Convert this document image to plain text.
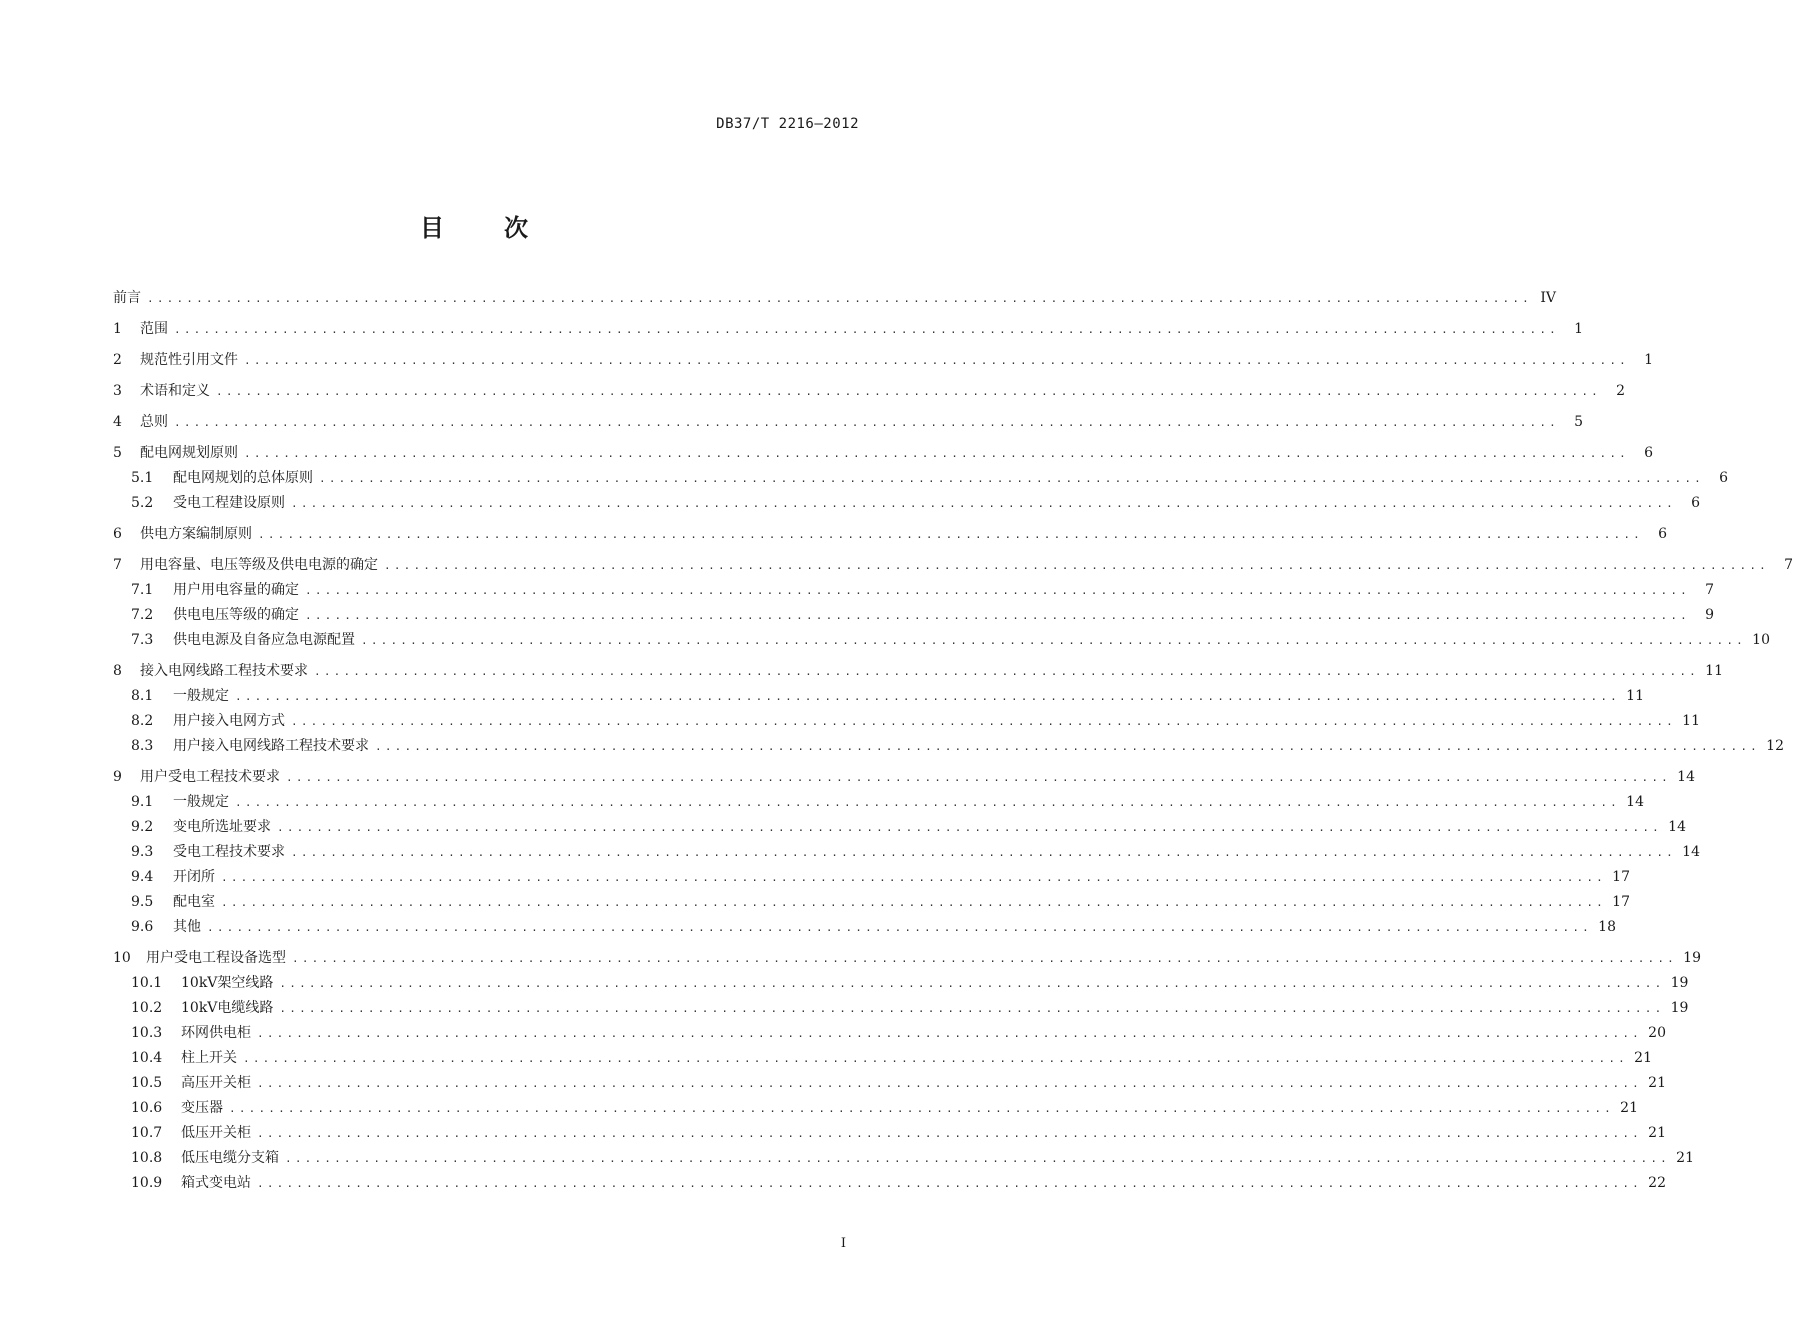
DB37/T 2216—2012
目 次
前言 ............................................................................................................................................. IV
1	范围 .............................................................................................................................................	1
2	规范性引用文件 .............................................................................................................................................	1
3	术语和定义 .............................................................................................................................................	2
4	总则 .............................................................................................................................................	5
5	配电网规划原则 .............................................................................................................................................	6
5.1	配电网规划的总体原则 .............................................................................................................................................	6
5.2	受电工程建设原则 .............................................................................................................................................	6
6	供电方案编制原则 .............................................................................................................................................	6
7	用电容量、电压等级及供电电源的确定 .............................................................................................................................................	7
7.1	用户用电容量的确定 .............................................................................................................................................	7
7.2	供电电压等级的确定 .............................................................................................................................................	9
7.3	供电电源及自备应急电源配置 ............................................................................................................................................. 10
8	接入电网线路工程技术要求 ............................................................................................................................................. 11
8.1	一般规定 ............................................................................................................................................. 11
8.2	用户接入电网方式 ............................................................................................................................................. 11
8.3	用户接入电网线路工程技术要求 ............................................................................................................................................. 12
9	用户受电工程技术要求 ............................................................................................................................................. 14
9.1	一般规定 ............................................................................................................................................. 14
9.2	变电所选址要求 ............................................................................................................................................. 14
9.3	受电工程技术要求 ............................................................................................................................................. 14
9.4	开闭所 ............................................................................................................................................. 17
9.5	配电室 ............................................................................................................................................. 17
9.6	其他 ............................................................................................................................................. 18
10	用户受电工程设备选型 ............................................................................................................................................. 19
10.1	10kV架空线路 ............................................................................................................................................. 19
10.2	10kV电缆线路 ............................................................................................................................................. 19
10.3	环网供电柜 ............................................................................................................................................. 20
10.4	柱上开关 ............................................................................................................................................. 21
10.5	高压开关柜 ............................................................................................................................................. 21
10.6	变压器 ............................................................................................................................................. 21
10.7	低压开关柜 ............................................................................................................................................. 21
10.8	低压电缆分支箱 ............................................................................................................................................. 21
10.9	箱式变电站 ............................................................................................................................................. 22
I
